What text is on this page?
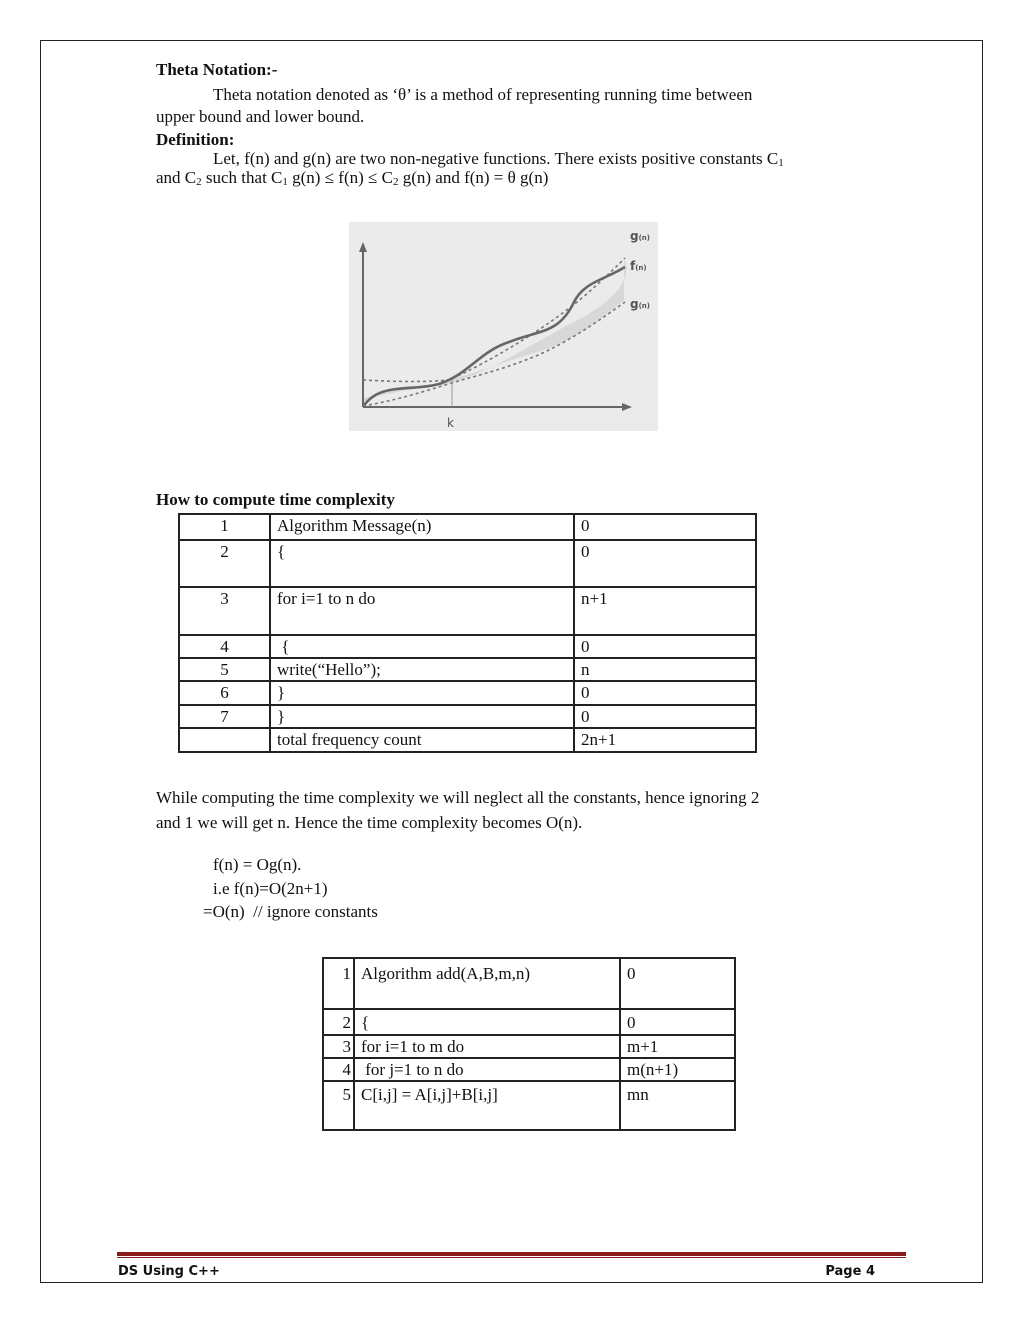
Theta Notation:-
Theta notation denoted as ‘θ’ is a method of representing running time between
upper bound and lower bound.
Definition:
Let, f(n) and g(n) are two non-negative functions. There exists positive constants $C_1$
and $C_2$ such that $C_1$ $g(n) \le f(n) \le C_2$ g(n) and f(n) = θ g(n)
g(n)
f(n)
g(n)
k
How to compute time complexity
1	Algorithm Message(n)	0
2	{	0
3	for i=1 to n do	n+1
4	{	0
5	write(“Hello”);	n
6	}	0
7	}	0
	total frequency count	2n+1
While computing the time complexity we will neglect all the constants, hence ignoring 2
and 1 we will get n. Hence the time complexity becomes O(n).
f(n) = Og(n).
i.e f(n)=O(2n+1)
=O(n)  // ignore constants
1	Algorithm add(A,B,m,n)	0
2	{	0
3	for i=1 to m do	m+1
4	for j=1 to n do	m(n+1)
5	C[i,j] = A[i,j]+B[i,j]	mn
DS Using C++	Page 4
